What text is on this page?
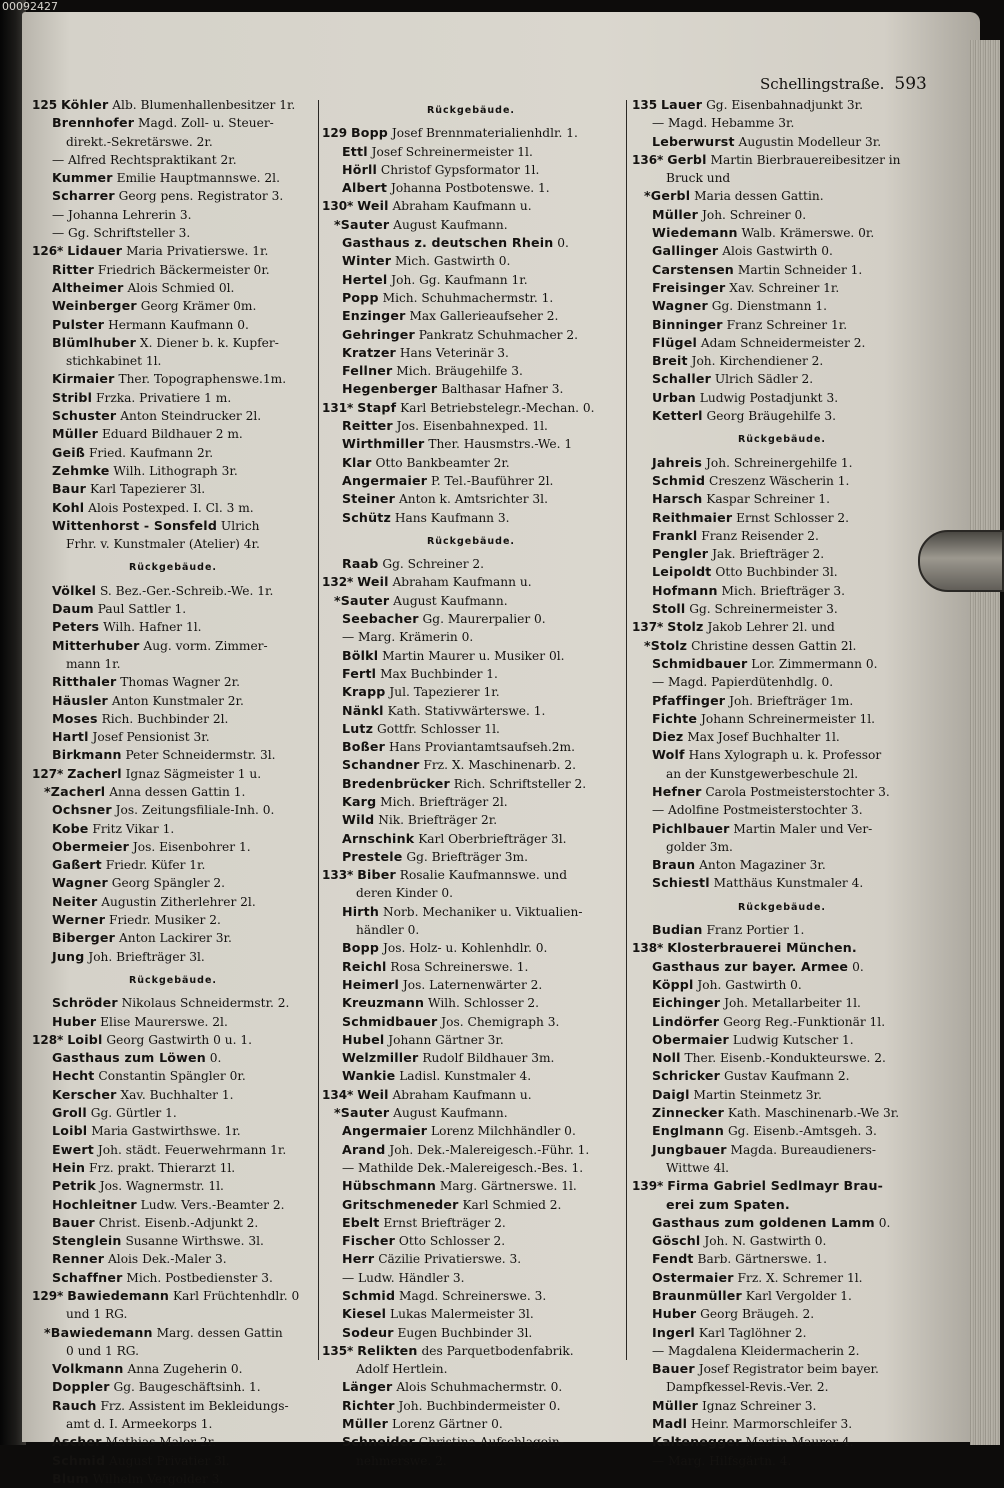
00092427
Schellingstraße. 593
125 Köhler Alb. Blumenhallenbesitzer 1r.
Brennhofer Magd. Zoll- u. Steuer-
direkt.-Sekretärswe. 2r.
— Alfred Rechtspraktikant 2r.
Kummer Emilie Hauptmannswe. 2l.
Scharrer Georg pens. Registrator 3.
— Johanna Lehrerin 3.
— Gg. Schriftsteller 3.
126* Lidauer Maria Privatierswe. 1r.
Ritter Friedrich Bäckermeister 0r.
Altheimer Alois Schmied 0l.
Weinberger Georg Krämer 0m.
Pulster Hermann Kaufmann 0.
Blümlhuber X. Diener b. k. Kupfer-
stichkabinet 1l.
Kirmaier Ther. Topographenswe.1m.
Stribl Frzka. Privatiere 1 m.
Schuster Anton Steindrucker 2l.
Müller Eduard Bildhauer 2 m.
Geiß Fried. Kaufmann 2r.
Zehmke Wilh. Lithograph 3r.
Baur Karl Tapezierer 3l.
Kohl Alois Postexped. I. Cl. 3 m.
Wittenhorst - Sonsfeld Ulrich
Frhr. v. Kunstmaler (Atelier) 4r.
Rückgebäude.
Völkel S. Bez.-Ger.-Schreib.-We. 1r.
Daum Paul Sattler 1.
Peters Wilh. Hafner 1l.
Mitterhuber Aug. vorm. Zimmer-
mann 1r.
Ritthaler Thomas Wagner 2r.
Häusler Anton Kunstmaler 2r.
Moses Rich. Buchbinder 2l.
Hartl Josef Pensionist 3r.
Birkmann Peter Schneidermstr. 3l.
127* Zacherl Ignaz Sägmeister 1 u.
*Zacherl Anna dessen Gattin 1.
Ochsner Jos. Zeitungsfiliale-Inh. 0.
Kobe Fritz Vikar 1.
Obermeier Jos. Eisenbohrer 1.
Gaßert Friedr. Küfer 1r.
Wagner Georg Spängler 2.
Neiter Augustin Zitherlehrer 2l.
Werner Friedr. Musiker 2.
Biberger Anton Lackirer 3r.
Jung Joh. Briefträger 3l.
Rückgebäude.
Schröder Nikolaus Schneidermstr. 2.
Huber Elise Maurerswe. 2l.
128* Loibl Georg Gastwirth 0 u. 1.
Gasthaus zum Löwen 0.
Hecht Constantin Spängler 0r.
Kerscher Xav. Buchhalter 1.
Groll Gg. Gürtler 1.
Loibl Maria Gastwirthswe. 1r.
Ewert Joh. städt. Feuerwehrmann 1r.
Hein Frz. prakt. Thierarzt 1l.
Petrik Jos. Wagnermstr. 1l.
Hochleitner Ludw. Vers.-Beamter 2.
Bauer Christ. Eisenb.-Adjunkt 2.
Stenglein Susanne Wirthswe. 3l.
Renner Alois Dek.-Maler 3.
Schaffner Mich. Postbedienster 3.
129* Bawiedemann Karl Früchtenhdlr. 0
und 1 RG.
*Bawiedemann Marg. dessen Gattin
0 und 1 RG.
Volkmann Anna Zugeherin 0.
Doppler Gg. Baugeschäftsinh. 1.
Rauch Frz. Assistent im Bekleidungs-
amt d. I. Armeekorps 1.
Ascher Mathias Maler 2r.
Schmid August Privatier 3l.
Blum Wilhelm Vergolder 3.
Rückgebäude.
129 Bopp Josef Brennmaterialienhdlr. 1.
Ettl Josef Schreinermeister 1l.
Hörll Christof Gypsformator 1l.
Albert Johanna Postbotenswe. 1.
130* Weil Abraham Kaufmann u.
*Sauter August Kaufmann.
Gasthaus z. deutschen Rhein 0.
Winter Mich. Gastwirth 0.
Hertel Joh. Gg. Kaufmann 1r.
Popp Mich. Schuhmachermstr. 1.
Enzinger Max Gallerieaufseher 2.
Gehringer Pankratz Schuhmacher 2.
Kratzer Hans Veterinär 3.
Fellner Mich. Bräugehilfe 3.
Hegenberger Balthasar Hafner 3.
131* Stapf Karl Betriebstelegr.-Mechan. 0.
Reitter Jos. Eisenbahnexped. 1l.
Wirthmiller Ther. Hausmstrs.-We. 1
Klar Otto Bankbeamter 2r.
Angermaier P. Tel.-Bauführer 2l.
Steiner Anton k. Amtsrichter 3l.
Schütz Hans Kaufmann 3.
Rückgebäude.
Raab Gg. Schreiner 2.
132* Weil Abraham Kaufmann u.
*Sauter August Kaufmann.
Seebacher Gg. Maurerpalier 0.
— Marg. Krämerin 0.
Bölkl Martin Maurer u. Musiker 0l.
Fertl Max Buchbinder 1.
Krapp Jul. Tapezierer 1r.
Nänkl Kath. Stativwärterswe. 1.
Lutz Gottfr. Schlosser 1l.
Boßer Hans Proviantamtsaufseh.2m.
Schandner Frz. X. Maschinenarb. 2.
Bredenbrücker Rich. Schriftsteller 2.
Karg Mich. Briefträger 2l.
Wild Nik. Briefträger 2r.
Arnschink Karl Oberbriefträger 3l.
Prestele Gg. Briefträger 3m.
133* Biber Rosalie Kaufmannswe. und
deren Kinder 0.
Hirth Norb. Mechaniker u. Viktualien-
händler 0.
Bopp Jos. Holz- u. Kohlenhdlr. 0.
Reichl Rosa Schreinerswe. 1.
Heimerl Jos. Laternenwärter 2.
Kreuzmann Wilh. Schlosser 2.
Schmidbauer Jos. Chemigraph 3.
Hubel Johann Gärtner 3r.
Welzmiller Rudolf Bildhauer 3m.
Wankie Ladisl. Kunstmaler 4.
134* Weil Abraham Kaufmann u.
*Sauter August Kaufmann.
Angermaier Lorenz Milchhändler 0.
Arand Joh. Dek.-Malereigesch.-Führ. 1.
— Mathilde Dek.-Malereigesch.-Bes. 1.
Hübschmann Marg. Gärtnerswe. 1l.
Gritschmeneder Karl Schmied 2.
Ebelt Ernst Briefträger 2.
Fischer Otto Schlosser 2.
Herr Cäzilie Privatierswe. 3.
— Ludw. Händler 3.
Schmid Magd. Schreinerswe. 3.
Kiesel Lukas Malermeister 3l.
Sodeur Eugen Buchbinder 3l.
135* Relikten des Parquetbodenfabrik.
Adolf Hertlein.
Länger Alois Schuhmachermstr. 0.
Richter Joh. Buchbindermeister 0.
Müller Lorenz Gärtner 0.
Schneider Christina Aufschlagein-
nehmerswe. 2.
135 Lauer Gg. Eisenbahnadjunkt 3r.
— Magd. Hebamme 3r.
Leberwurst Augustin Modelleur 3r.
136* Gerbl Martin Bierbrauereibesitzer in
Bruck und
*Gerbl Maria dessen Gattin.
Müller Joh. Schreiner 0.
Wiedemann Walb. Krämerswe. 0r.
Gallinger Alois Gastwirth 0.
Carstensen Martin Schneider 1.
Freisinger Xav. Schreiner 1r.
Wagner Gg. Dienstmann 1.
Binninger Franz Schreiner 1r.
Flügel Adam Schneidermeister 2.
Breit Joh. Kirchendiener 2.
Schaller Ulrich Sädler 2.
Urban Ludwig Postadjunkt 3.
Ketterl Georg Bräugehilfe 3.
Rückgebäude.
Jahreis Joh. Schreinergehilfe 1.
Schmid Creszenz Wäscherin 1.
Harsch Kaspar Schreiner 1.
Reithmaier Ernst Schlosser 2.
Frankl Franz Reisender 2.
Pengler Jak. Briefträger 2.
Leipoldt Otto Buchbinder 3l.
Hofmann Mich. Briefträger 3.
Stoll Gg. Schreinermeister 3.
137* Stolz Jakob Lehrer 2l. und
*Stolz Christine dessen Gattin 2l.
Schmidbauer Lor. Zimmermann 0.
— Magd. Papierdütenhdlg. 0.
Pfaffinger Joh. Briefträger 1m.
Fichte Johann Schreinermeister 1l.
Diez Max Josef Buchhalter 1l.
Wolf Hans Xylograph u. k. Professor
an der Kunstgewerbeschule 2l.
Hefner Carola Postmeisterstochter 3.
— Adolfine Postmeisterstochter 3.
Pichlbauer Martin Maler und Ver-
golder 3m.
Braun Anton Magaziner 3r.
Schiestl Matthäus Kunstmaler 4.
Rückgebäude.
Budian Franz Portier 1.
138* Klosterbrauerei München.
Gasthaus zur bayer. Armee 0.
Köppl Joh. Gastwirth 0.
Eichinger Joh. Metallarbeiter 1l.
Lindörfer Georg Reg.-Funktionär 1l.
Obermaier Ludwig Kutscher 1.
Noll Ther. Eisenb.-Kondukteurswe. 2.
Schricker Gustav Kaufmann 2.
Daigl Martin Steinmetz 3r.
Zinnecker Kath. Maschinenarb.-We 3r.
Englmann Gg. Eisenb.-Amtsgeh. 3.
Jungbauer Magda. Bureaudieners-
Wittwe 4l.
139* Firma Gabriel Sedlmayr Brau-
erei zum Spaten.
Gasthaus zum goldenen Lamm 0.
Göschl Joh. N. Gastwirth 0.
Fendt Barb. Gärtnerswe. 1.
Ostermaier Frz. X. Schremer 1l.
Braunmüller Karl Vergolder 1.
Huber Georg Bräugeh. 2.
Ingerl Karl Taglöhner 2.
— Magdalena Kleidermacherin 2.
Bauer Josef Registrator beim bayer.
Dampfkessel-Revis.-Ver. 2.
Müller Ignaz Schreiner 3.
Madl Heinr. Marmorschleifer 3.
Kaltenegger Martin Maurer 4.
— Marg. Hilfsgärtn. 4.
